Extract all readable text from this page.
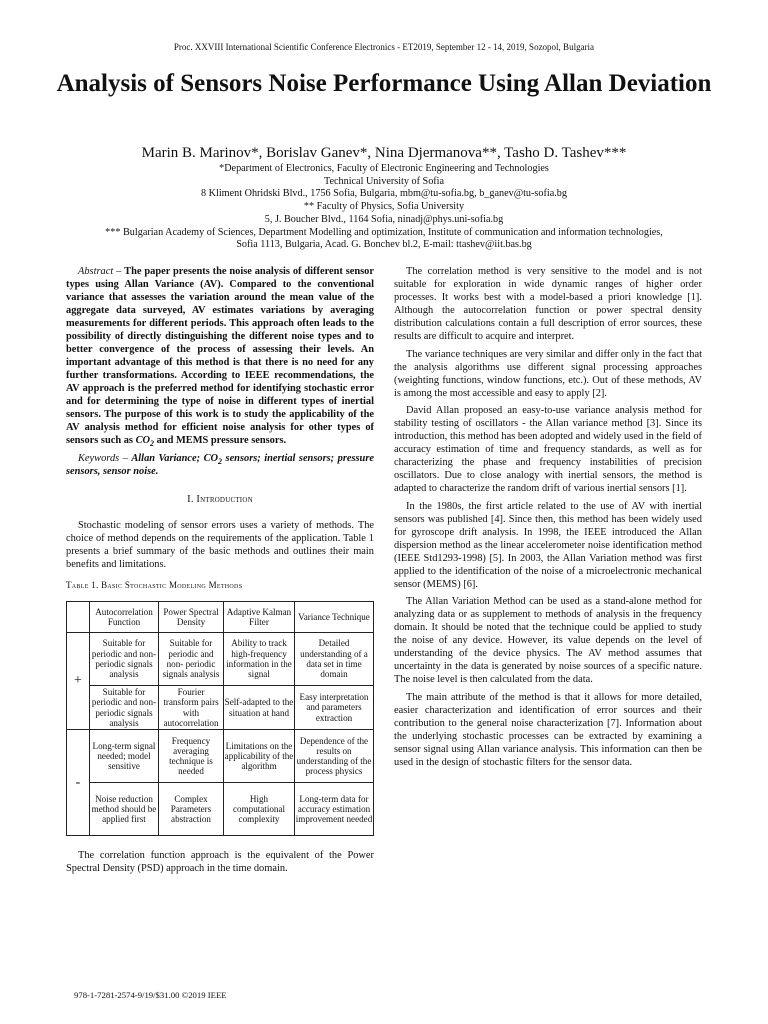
Proc. XXVIII International Scientific Conference Electronics - ET2019, September 12 - 14, 2019, Sozopol, Bulgaria
Analysis of Sensors Noise Performance Using Allan Deviation
Marin B. Marinov*, Borislav Ganev*, Nina Djermanova**, Tasho D. Tashev***
*Department of Electronics, Faculty of Electronic Engineering and Technologies
Technical University of Sofia
8 Kliment Ohridski Blvd., 1756 Sofia, Bulgaria, mbm@tu-sofia.bg, b_ganev@tu-sofia.bg
** Faculty of Physics, Sofia University
5, J. Boucher Blvd., 1164 Sofia, ninadj@phys.uni-sofia.bg
*** Bulgarian Academy of Sciences, Department Modelling and optimization, Institute of communication and information technologies,
Sofia 1113, Bulgaria, Acad. G. Bonchev bl.2, E-mail: ttashev@iit.bas.bg

Abstract – The paper presents the noise analysis of different sensor types using Allan Variance (AV). Compared to the conventional variance that assesses the variation around the mean value of the aggregate data surveyed, AV estimates variations by averaging measurements for different periods. This approach often leads to the possibility of directly distinguishing the different noise types and to better convergence of the process of assessing their levels. An important advantage of this method is that there is no need for any further transformations. According to IEEE recommendations, the AV approach is the preferred method for identifying stochastic error and for determining the type of noise in different types of inertial sensors. The purpose of this work is to study the applicability of the AV analysis method for efficient noise analysis for other types of sensors such as $CO_2$ and MEMS pressure sensors.

Keywords – Allan Variance; $CO_2$ sensors; inertial sensors; pressure sensors, sensor noise.

I. Introduction

Stochastic modeling of sensor errors uses a variety of methods. The choice of method depends on the requirements of the application. Table 1 presents a brief summary of the basic methods and outlines their main benefits and limitations.

Table 1. Basic Stochastic Modeling Methods

	Autocorrelation Function	Power Spectral Density	Adaptive Kalman Filter	Variance Technique
+	Suitable for periodic and non- periodic signals analysis	Suitable for periodic and non- periodic signals analysis	Ability to track high-frequency information in the signal	Detailed understanding of a data set in time domain
	Suitable for periodic and non-periodic signals analysis	Fourier transform pairs with autocorrelation	Self-adapted to the situation at hand	Easy interpretation and parameters extraction
-	Long-term signal needed; model sensitive	Frequency averaging technique is needed	Limitations on the applicability of the algorithm	Dependence of the results on understanding of the process physics
	Noise reduction method should be applied first	Complex Parameters abstraction	High computational complexity	Long-term data for accuracy estimation improvement needed

The correlation function approach is the equivalent of the Power Spectral Density (PSD) approach in the time domain.

The correlation method is very sensitive to the model and is not suitable for exploration in wide dynamic ranges of higher order processes. It works best with a model-based a priori knowledge [1]. Although the autocorrelation function or power spectral density distribution calculations contain a full description of error sources, these results are difficult to acquire and interpret.

The variance techniques are very similar and differ only in the fact that the analysis algorithms use different signal processing approaches (weighting functions, window functions, etc.). Out of these methods, AV is among the most accessible and easy to apply [2].

David Allan proposed an easy-to-use variance analysis method for stability testing of oscillators - the Allan variance method [3]. Since its introduction, this method has been adopted and widely used in the field of accuracy estimation of time and frequency standards, as well as for characterizing the phase and frequency instabilities of precision oscillators. Due to close analogy with inertial sensors, the method is adapted to characterize the random drift of various inertial sensors [1].

In the 1980s, the first article related to the use of AV with inertial sensors was published [4]. Since then, this method has been widely used for gyroscope drift analysis. In 1998, the IEEE introduced the Allan dispersion method as the linear accelerometer noise identification method (IEEE Std1293-1998) [5]. In 2003, the Allan Variation method was first applied to the identification of the noise of a microelectronic mechanical sensor (MEMS) [6].

The Allan Variation Method can be used as a stand-alone method for analyzing data or as supplement to methods of analysis in the frequency domain. It should be noted that the technique could be applied to study the noise of any device. However, its value depends on the level of understanding of the device physics. The AV method assumes that uncertainty in the data is generated by noise sources of a specific nature. The noise level is then calculated from the data.

The main attribute of the method is that it allows for more detailed, easier characterization and identification of error sources and their contribution to the general noise characterization [7]. Information about the underlying stochastic processes can be extracted by examining a sensor signal using Allan variance analysis. This information can then be used in the design of stochastic filters for the sensor data.

978-1-7281-2574-9/19/$31.00 ©2019 IEEE
